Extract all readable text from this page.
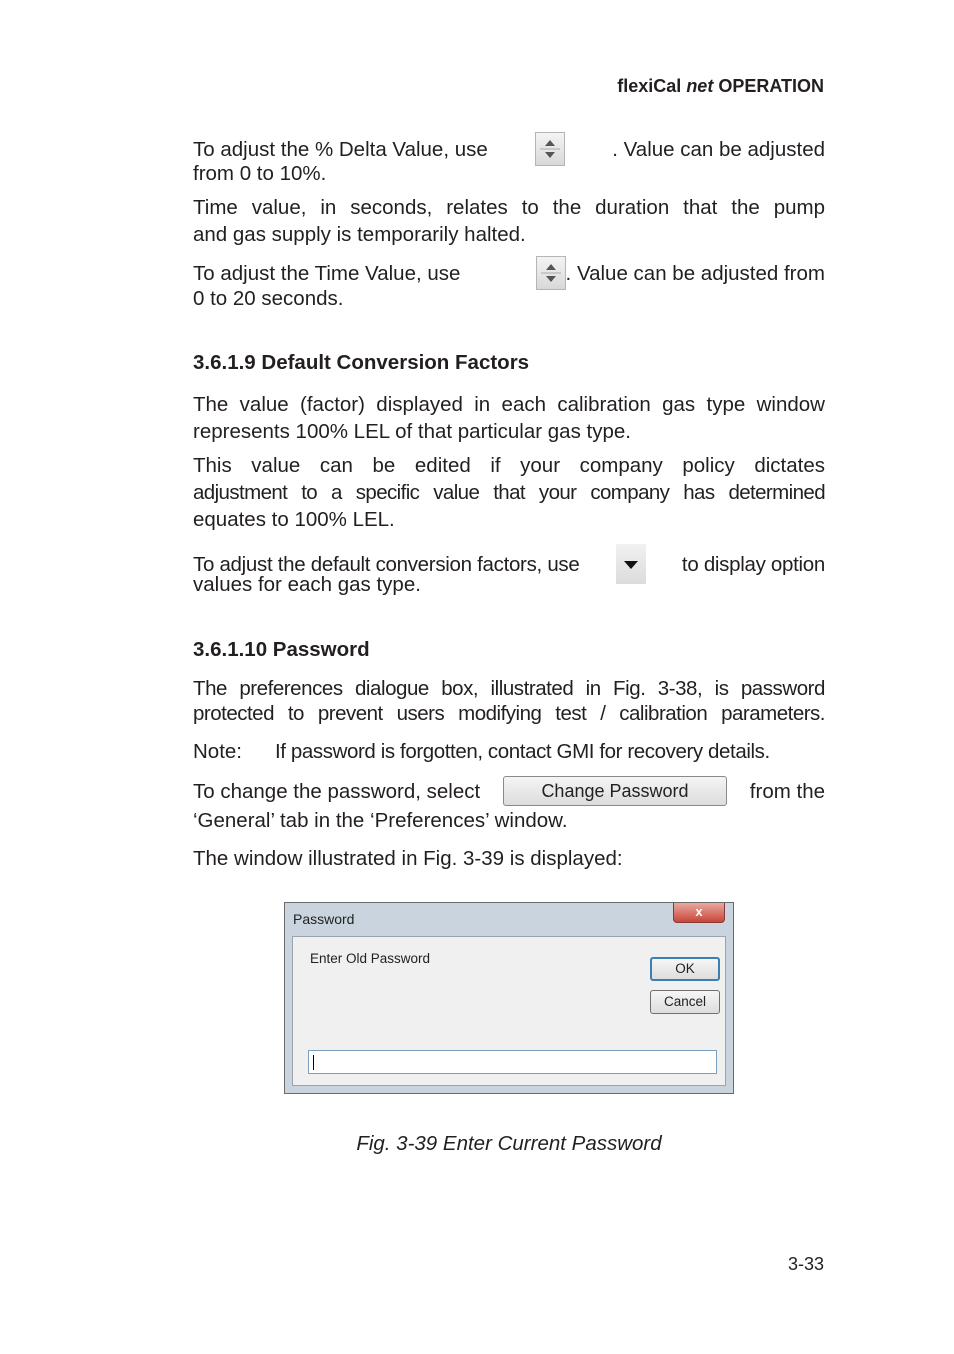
flexiCal net OPERATION
To adjust the % Delta Value, use	. Value can be adjusted
from 0 to 10%.
Time value, in seconds, relates to the duration that the pump
and gas supply is temporarily halted.
To adjust the Time Value, use	. Value can be adjusted from
0 to 20 seconds.
3.6.1.9 Default Conversion Factors
The value (factor) displayed in each calibration gas type window
represents 100% LEL of that particular gas type.
This value can be edited if your company policy dictates
adjustment to a specific value that your company has determined
equates to 100% LEL.
To adjust the default conversion factors, use	to display option
values for each gas type.
3.6.1.10 Password
The preferences dialogue box, illustrated in Fig. 3-38, is password
protected to prevent users modifying test / calibration parameters.
Note: If password is forgotten, contact GMI for recovery details.
To change the password, select	Change Password	from the
‘General’ tab in the ‘Preferences’ window.
The window illustrated in Fig. 3-39 is displayed:
Password	x
Enter Old Password
OK
Cancel
Fig. 3-39 Enter Current Password
3-33
